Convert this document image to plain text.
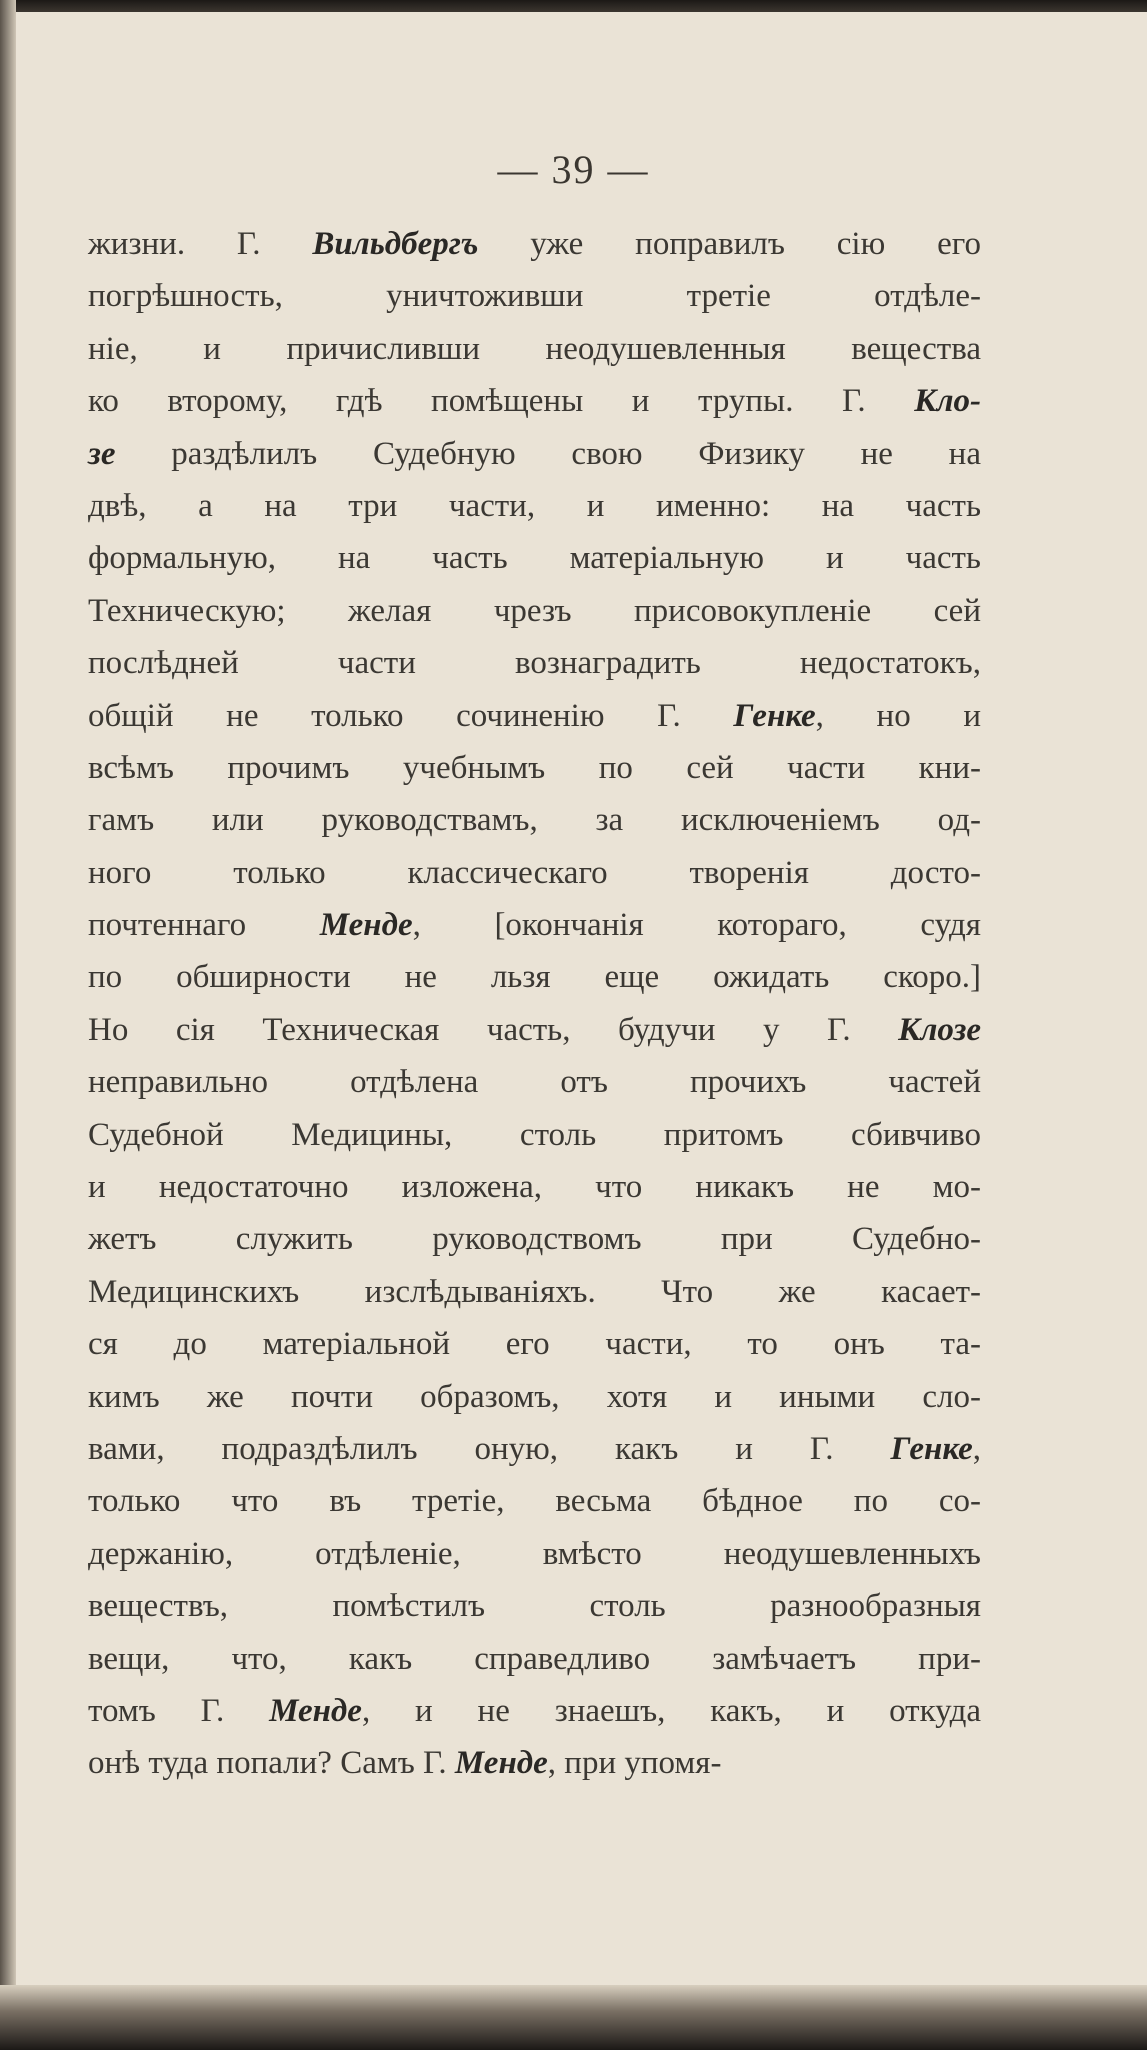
— 39 —
жизни. Г. Вильдбергъ уже поправилъ сію его
погрѣшность, уничтоживши третіе отдѣле-
ніе, и причисливши неодушевленныя вещества
ко второму, гдѣ помѣщены и трупы. Г. Кло-
зе раздѣлилъ Судебную свою Физику не на
двѣ, а на три части, и именно: на часть
формальную, на часть матеріальную и часть
Техническую; желая чрезъ присовокупленіе сей
послѣдней части вознаградить недостатокъ,
общій не только сочиненію Г. Генке, но и
всѣмъ прочимъ учебнымъ по сей части кни-
гамъ или руководствамъ, за исключеніемъ од-
ного только классическаго творенія досто-
почтеннаго Менде, [окончанія котораго, судя
по обширности не льзя еще ожидать скоро.]
Но сія Техническая часть, будучи у Г. Клозе
неправильно отдѣлена отъ прочихъ частей
Судебной Медицины, столь притомъ сбивчиво
и недостаточно изложена, что никакъ не мо-
жетъ служить руководствомъ при Судебно-
Медицинскихъ изслѣдываніяхъ. Что же касает-
ся до матеріальной его части, то онъ та-
кимъ же почти образомъ, хотя и иными сло-
вами, подраздѣлилъ оную, какъ и Г. Генке,
только что въ третіе, весьма бѣдное по со-
держанію, отдѣленіе, вмѣсто неодушевленныхъ
веществъ, помѣстилъ столь разнообразныя
вещи, что, какъ справедливо замѣчаетъ при-
томъ Г. Менде, и не знаешъ, какъ, и откуда
онѣ туда попали? Самъ Г. Менде, при упомя-
